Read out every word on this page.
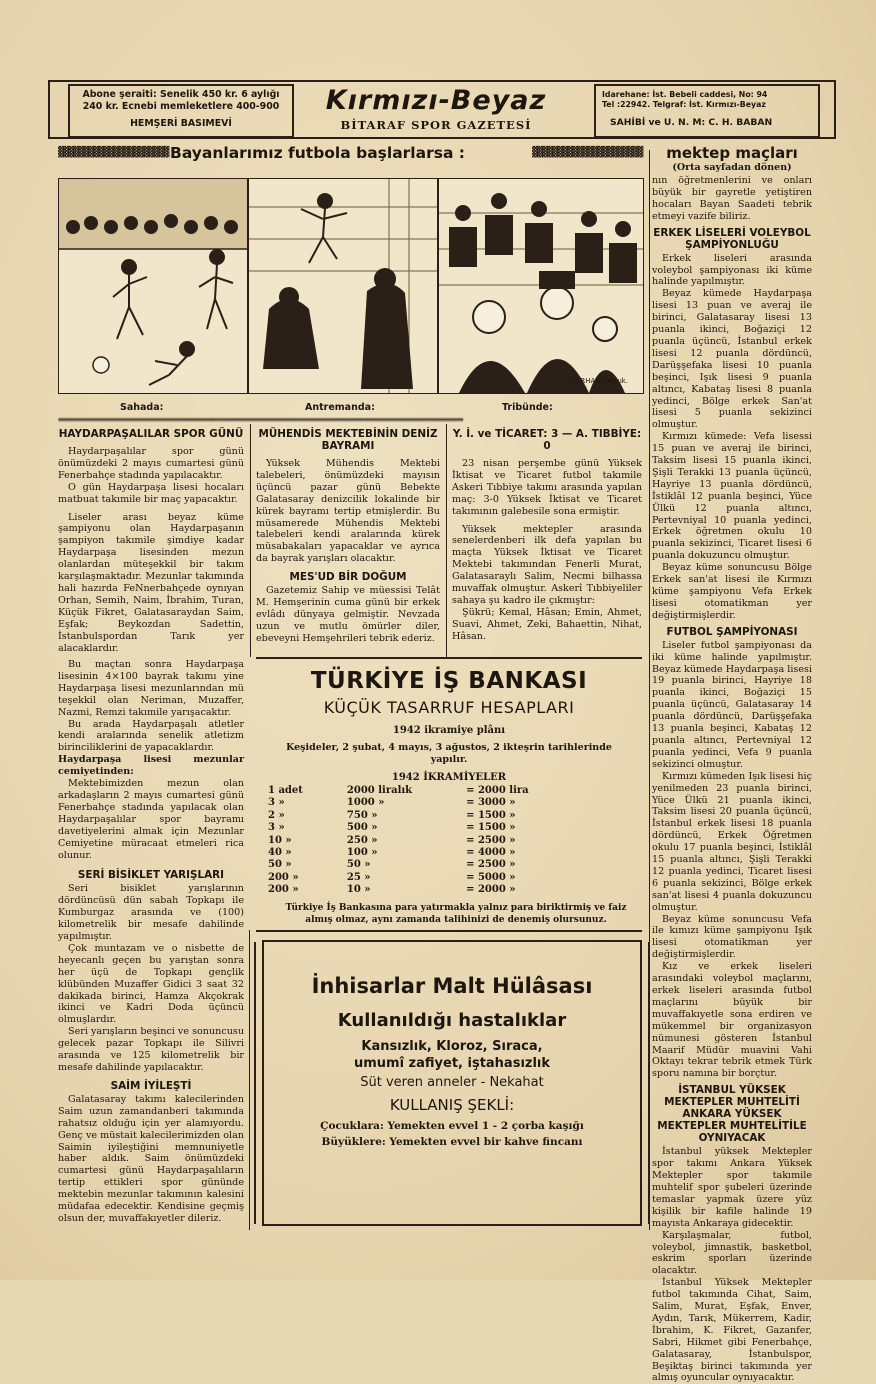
Abone şeraiti: Senelik 450 kr. 6 aylığı
240 kr. Ecnebi memleketlere 400-900
HEMŞERİ BASIMEVİ
Kırmızı-Beyaz
BİTARAF SPOR GAZETESİ
Idarehane: İst. Bebeli caddesi, No: 94
Tel :22942. Telgraf: İst. Kırmızı-Beyaz
SAHİBİ ve U. N. M: C. H. BABAN
▓▓▓▓▓▓▓▓▓▓▓▓▓▓▓▓▓▓▓▓▓▓ Bayanlarımız futbola başlarlarsa :	▓▓▓▓▓▓▓▓▓▓▓▓▓▓▓▓▓▓▓▓▓▓
TURHAN Selçuk.
Sahada:	Antremanda:	Tribünde:
≡≡≡≡≡≡≡≡≡≡≡≡≡≡≡≡≡≡≡≡≡≡≡≡≡≡≡≡≡≡≡≡≡≡≡≡≡≡≡≡≡≡≡≡≡≡≡≡≡≡≡≡≡≡≡≡≡≡≡≡≡≡≡≡≡≡≡≡≡≡≡≡≡≡≡≡≡≡≡≡≡≡≡≡≡≡≡≡≡≡≡≡≡≡≡≡≡≡≡≡≡≡≡≡≡≡
HAYDARPAŞALILAR SPOR GÜNÜ

Haydarpaşalılar spor günü önümüzdeki 2 mayıs cumartesi günü Fenerbahçe stadında yapılacaktır.

O gün Haydarpaşa lisesi hocaları matbuat takımile bir maç yapacaktır.

Liseler arası beyaz küme şampiyonu olan Haydarpaşanın şampiyon takımile şimdiye kadar Haydarpaşa lisesinden mezun olanlardan müteşekkil bir takım karşılaşmaktadır. Mezunlar takımında hali hazırda FeNnerbahçede oynıyan Orhan, Semih, Naim, İbrahim, Turan, Küçük Fikret, Galatasaraydan Saim, Eşfak; Beykozdan Sadettin, İstanbulspordan Tarık yer alacaklardır.

Bu maçtan sonra Haydarpaşa lisesinin 4×100 bayrak takımı yine Haydarpaşa lisesi mezunlarından mü teşekkil olan Neriman, Muzaffer, Nazmi, Remzi takımile yarışacaktır.

Bu arada Haydarpaşalı atletler kendi aralarında senelik atletizm birinciliklerini de yapacaklardır.

Haydarpaşa lisesi mezunlar cemiyetinden:

Mektebimizden mezun olan arkadaşların 2 mayıs cumartesi günü Fenerbahçe stadında yapılacak olan Haydarpaşalılar spor bayramı davetiyelerini almak için Mezunlar Cemiyetine müracaat etmeleri rica olunur.

SERİ BİSİKLET YARIŞLARI

Seri bisiklet yarışlarının dördüncüsü dün sabah Topkapı ile Kumburgaz arasında ve (100) kilometrelik bir mesafe dahilinde yapılmıştır.

Çok muntazam ve o nisbette de heyecanlı geçen bu yarıştan sonra her üçü de Topkapı gençlik klübünden Muzaffer Gidici 3 saat 32 dakikada birinci, Hamza Akçokrak ikinci ve Kadri Doda üçüncü olmuşlardır.

Seri yarışların beşinci ve sonuncusu gelecek pazar Topkapı ile Silivri arasında ve 125 kilometrelik bir mesafe dahilinde yapılacaktır.

SAİM İYİLEŞTİ

Galatasaray takımı kalecilerinden Saim uzun zamandanberi takımında rahatsız olduğu için yer alamıyordu. Genç ve müstait kalecilerimizden olan Saimin iyileştiğini memnuniyetle haber aldık. Saim önümüzdeki cumartesi günü Haydarpaşalıların tertip ettikleri spor gününde mektebin mezunlar takımının kalesini müdafaa edecektir. Kendisine geçmiş olsun der, muvaffakıyetler dileriz.

MÜHENDİS MEKTEBİNİN DENİZ BAYRAMI

Yüksek Mühendis Mektebi talebeleri, önümüzdeki mayısın üçüncü pazar günü Bebekte Galatasaray denizcilik lokalinde bir kürek bayramı tertip etmişlerdir. Bu müsamerede Mühendis Mektebi talebeleri kendi aralarında kürek müsabakaları yapacaklar ve ayrıca da bayrak yarışları olacaktır.

MES'UD BİR DOĞUM

Gazetemiz Sahip ve müessisi Telât M. Hemşerinin cuma günü bir erkek evlâdı dünyaya gelmiştir. Nevzada uzun ve mutlu ömürler diler, ebeveyni Hemşehrileri tebrik ederiz.

Y. İ. ve TİCARET: 3 — A. TIBBİYE: 0

23 nisan perşembe günü Yüksek İktisat ve Ticaret futbol takımile Askeri Tıbbiye takımı arasında yapılan maç: 3-0 Yüksek İktisat ve Ticaret takımının galebesile sona ermiştir.

Yüksek mektepler arasında senelerdenberi ilk defa yapılan bu maçta Yüksek İktisat ve Ticaret Mektebi takımından Fenerli Murat, Galatasaraylı Salim, Necmi bilhassa muvaffak olmuştur. Askerî Tıbbiyeliler sahaya şu kadro ile çıkmıştır:

Şükrü; Kemal, Hâsan; Emin, Ahmet, Suavi, Ahmet, Zeki, Bahaettin, Nihat, Hâsan.

TÜRKİYE İŞ BANKASI
KÜÇÜK TASARRUF HESAPLARI
1942 ikramiye plânı
Keşideler, 2 şubat, 4 mayıs, 3 ağustos, 2 ikteşrin tarihlerinde yapılır.
1942 İKRAMİYELER
1 adet	2000 liralık	= 2000 lira
3 »	1000 »	= 3000 »
2 »	750 »	= 1500 »
3 »	500 »	= 1500 »
10 »	250 »	= 2500 »
40 »	100 »	= 4000 »
50 »	50 »	= 2500 »
200 »	25 »	= 5000 »
200 »	10 »	= 2000 »
Türkiye İş Bankasına para yatırmakla yalnız para biriktirmiş ve faiz almış olmaz, aynı zamanda talihinizi de denemiş olursunuz.
İnhisarlar Malt Hülâsası
Kullanıldığı hastalıklar
Kansızlık, Kloroz, Sıraca,
umumî zafiyet, iştahasızlık
Süt veren anneler - Nekahat
KULLANIŞ ŞEKLİ:
Çocuklara: Yemekten evvel 1 - 2 çorba kaşığı
Büyüklere: Yemekten evvel bir kahve fincanı
mektep maçları
(Orta sayfadan dönen)

nın öğretmenlerini ve onları büyük bir gayretle yetiştiren hocaları Bayan Saadeti tebrik etmeyi vazife biliriz.

ERKEK LİSELERİ VOLEYBOL ŞAMPİYONLUĞU

Erkek liseleri arasında voleybol şampiyonası iki küme halinde yapılmıştır.

Beyaz kümede Haydarpaşa lisesi 13 puan ve averaj ile birinci, Galatasaray lisesi 13 puanla ikinci, Boğaziçi 12 puanla üçüncü, İstanbul erkek lisesi 12 puanla dördüncü, Darüşşefaka lisesi 10 puanla beşinci, Işık lisesi 9 puanla altıncı, Kabataş lisesi 8 puanla yedinci, Bölge erkek San'at lisesi 5 puanla sekizinci olmuştur.

Kırmızı kümede: Vefa lisessi 15 puan ve averaj ile birinci, Taksim lisesi 15 puanla ikinci, Şişli Terakki 13 puanla üçüncü, Hayriye 13 puanla dördüncü, İstiklâl 12 puanla beşinci, Yüce Ülkü 12 puanla altıncı, Pertevniyal 10 puanla yedinci, Erkek öğretmen okulu 10 puanla sekizinci, Ticaret lisesi 6 puanla dokuzuncu olmuştur.

Beyaz küme sonuncusu Bölge Erkek san'at lisesi ile Kırmızı küme şampiyonu Vefa Erkek lisesi otomatikman yer değiştirmişlerdir.

FUTBOL ŞAMPİYONASI

Liseler futbol şampiyonası da iki küme halinde yapılmıştır. Beyaz kümede Haydarpaşa lisesi 19 puanla birinci, Hayriye 18 puanla ikinci, Boğaziçi 15 puanla üçüncü, Galatasaray 14 puanla dördüncü, Darüşşefaka 13 puanla beşinci, Kabataş 12 puanla altıncı, Pertevniyal 12 puanla yedinci, Vefa 9 puanla sekizinci olmuştur.

Kırmızı kümeden Işık lisesi hiç yenilmeden 23 puanla birinci, Yüce Ülkü 21 puanla ikinci, Taksim lisesi 20 puanla üçüncü, İstanbul erkek lisesi 18 puanla dördüncü, Erkek Öğretmen okulu 17 puanla beşinci, İstiklâl 15 puanla altıncı, Şişli Terakki 12 puanla yedinci, Ticaret lisesi 6 puanla sekizinci, Bölge erkek san'at lisesi 4 puanla dokuzuncu olmuştur.

Beyaz küme sonuncusu Vefa ile kımızı küme şampiyonu Işık lisesi otomatikman yer değiştirmişlerdir.

Kız ve erkek liseleri arasındaki voleybol maçlarını, erkek liseleri arasında futbol maçlarını büyük bir muvaffakıyetle sona erdiren ve mükemmel bir organizasyon nümunesi gösteren İstanbul Maarif Müdür muavini Vahi Oktayı tekrar tebrik etmek Türk sporu namına bir borçtur.

İSTANBUL YÜKSEK MEKTEPLER MUHTELİTİ ANKARA YÜKSEK MEKTEPLER MUHTELİTİLE OYNIYACAK

İstanbul yüksek Mektepler spor takımı Ankara Yüksek Mektepler spor takımile muhtelif spor şubeleri üzerinde temaslar yapmak üzere yüz kişilik bir kafile halinde 19 mayısta Ankaraya gidecektir.

Karşılaşmalar, futbol, voleybol, jimnastik, basketbol, eskrim sporları üzerinde olacaktır.

İstanbul Yüksek Mektepler futbol takımında Cihat, Saim, Salim, Murat, Eşfak, Enver, Aydın, Tarık, Mükerrem, Kadir, İbrahim, K. Fikret, Gazanfer, Sabri, Hikmet gibi Fenerbahçe, Galatasaray, İstanbulspor, Beşiktaş birinci takımında yer almış oyuncular oynıyacaktır.
